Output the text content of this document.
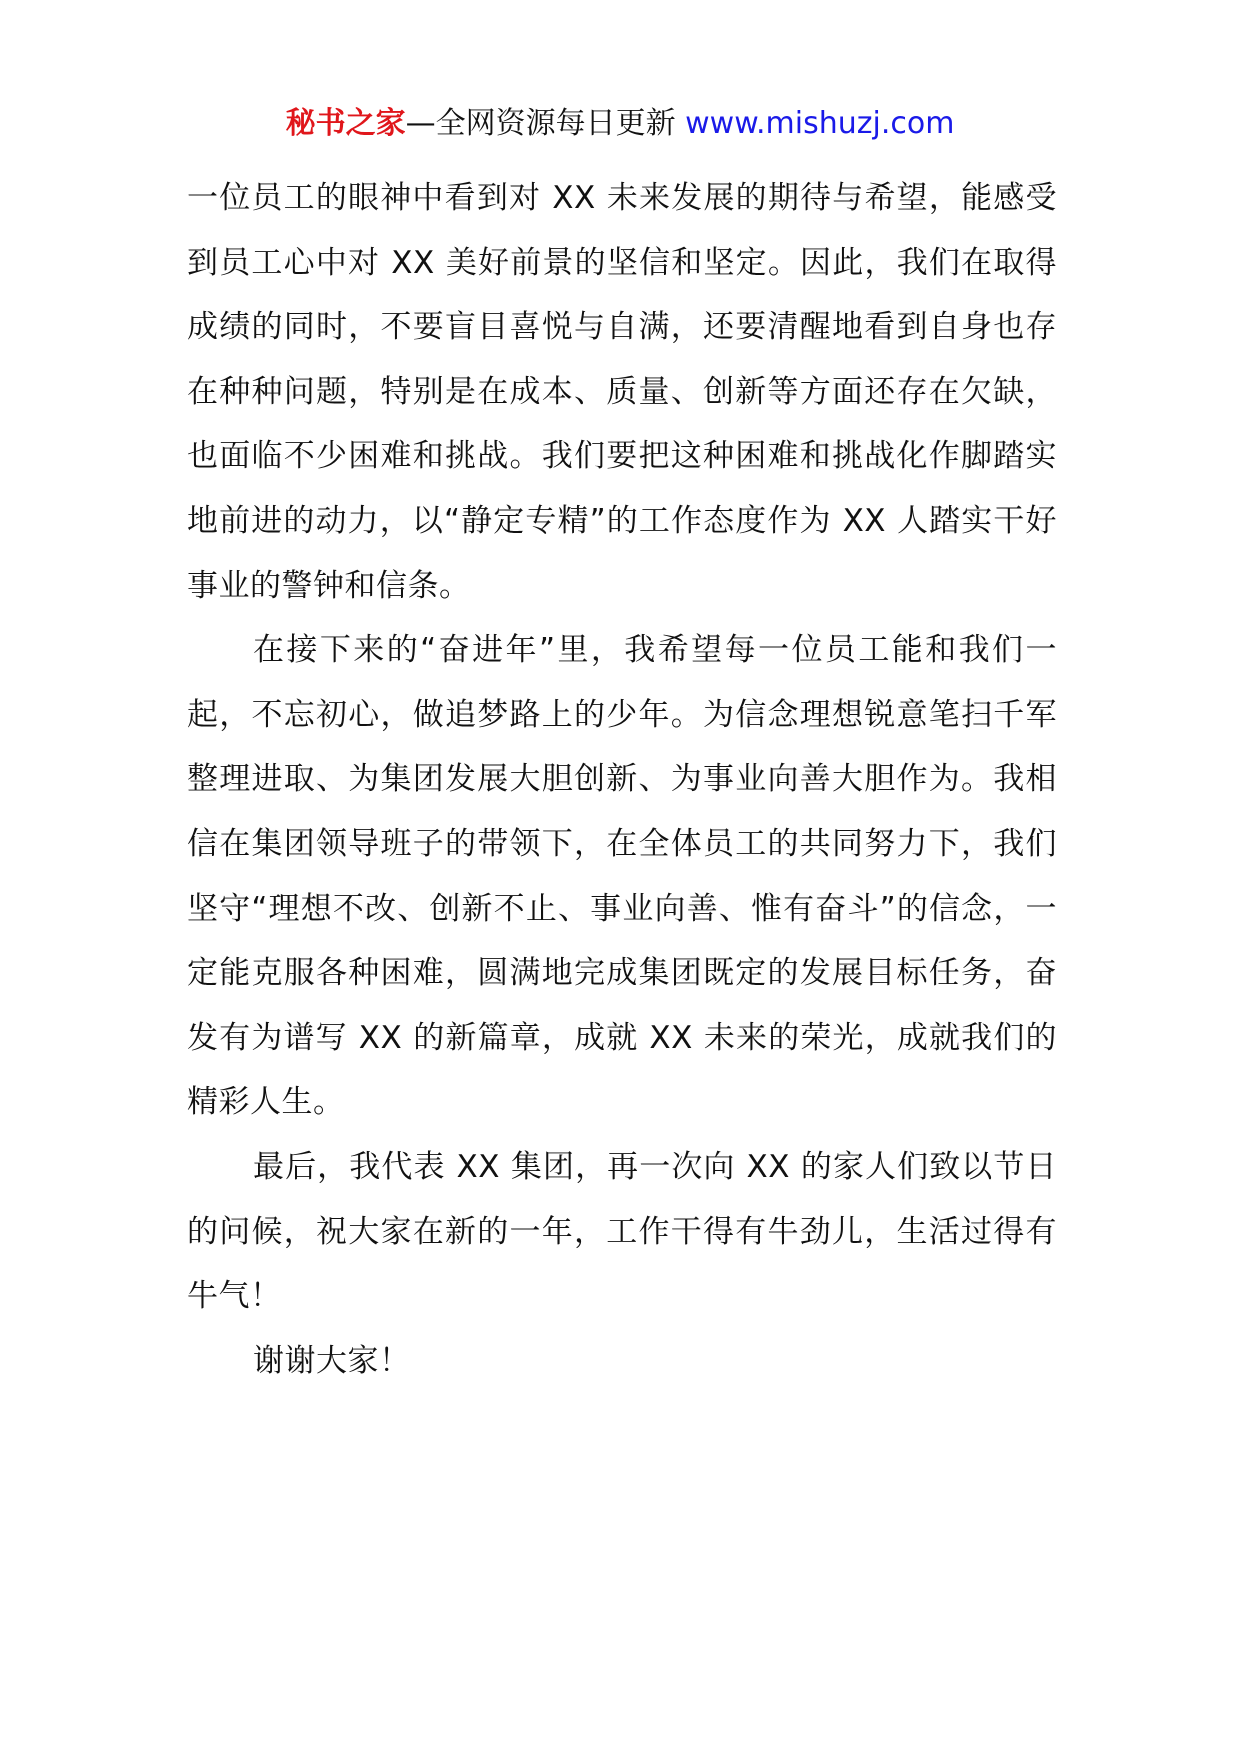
秘书之家—全网资源每日更新 www.mishuzj.com

一位员工的眼神中看到对 XX 未来发展的期待与希望，能感受到员工心中对 XX 美好前景的坚信和坚定。因此，我们在取得成绩的同时，不要盲目喜悦与自满，还要清醒地看到自身也存在种种问题，特别是在成本、质量、创新等方面还存在欠缺，也面临不少困难和挑战。我们要把这种困难和挑战化作脚踏实地前进的动力，以“静定专精”的工作态度作为 XX 人踏实干好事业的警钟和信条。

在接下来的“奋进年”里，我希望每一位员工能和我们一起，不忘初心，做追梦路上的少年。为信念理想锐意笔扫千军整理进取、为集团发展大胆创新、为事业向善大胆作为。我相信在集团领导班子的带领下，在全体员工的共同努力下，我们坚守“理想不改、创新不止、事业向善、惟有奋斗”的信念，一定能克服各种困难，圆满地完成集团既定的发展目标任务，奋发有为谱写 XX 的新篇章，成就 XX 未来的荣光，成就我们的精彩人生。

最后，我代表 XX 集团，再一次向 XX 的家人们致以节日的问候，祝大家在新的一年，工作干得有牛劲儿，生活过得有牛气！

谢谢大家！
